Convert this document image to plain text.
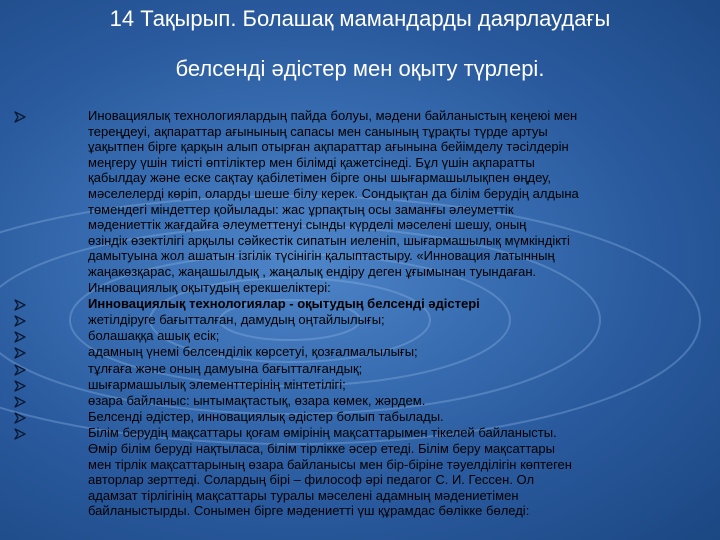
14 Тақырып. Болашақ мамандарды даярлаудағы
белсенді әдістер мен оқыту түрлері.
Иновациялық технологиялардың пайда болуы, мәдени байланыстың кеңеюі мен
тереңдеуі, ақпараттар ағынының сапасы мен санының тұрақты түрде артуы
ұақытпен бірге қарқын алып отырған ақпараттар ағынына бейімделу тәсілдерін
меңгеру үшін тиісті өптілiктер мен білімді қажетсінеді. Бұл үшін ақпаратты
қабылдау және еске сақтау қабілетімен бірге оны шығармашылықпен өңдеу,
мәселелерді көріп, оларды шеше білу керек. Сондықтан да білім берудің алдына
төмендегі міндеттер қойылады: жас ұрпақтың осы заманғы әлеуметтік
мәдениеттік жағдайға әлеуметтенуі сынды күрделі мәселені шешу, оның
өзіндік өзектілігі арқылы сәйкестік сипатын иеленіп, шығармашылық мүмкіндікті
дамытуына жол ашатын ізгілік түсінігін қалыптастыру. «Инновация латынның
жаңакөзқарас, жаңашылдық , жаңалық ендіру деген ұғымынан туындаған.
Инновациялық оқытудың ерекшеліктері:
Инновациялық технологиялар - оқытудың белсенді әдістері
жетілдіруге бағытталған, дамудың оңтайлылығы;
болашаққа ашық есік;
адамның үнемі белсенділік көрсетуі, қозғалмалылығы;
тұлғаға және оның дамуына бағытталғандық;
шығармашылық элементтерінің мінтетілігі;
өзара байланыс: ынтымақтастық, өзара көмек, жәрдем.
Белсенді әдістер, инновациялық әдістер болып табылады.
Білім берудің мақсаттары қоғам өмірінің мақсаттарымен тікелей байланысты.
Өмір білім беруді нақтыласа, білім тірлікке әсер етеді. Білім беру мақсаттары
мен тірлік мақсаттарының өзара байланысы мен бір-біріне тәуелділігін көптеген
авторлар зерттеді. Солардың бірі – философ әрі педагог С. И. Гессен. Ол
адамзат тірлігінің мақсаттары туралы мәселені адамның мәдениетімен
байланыстырды. Сонымен бірге мәдениетті үш құрамдас бөлікке бөледі:
